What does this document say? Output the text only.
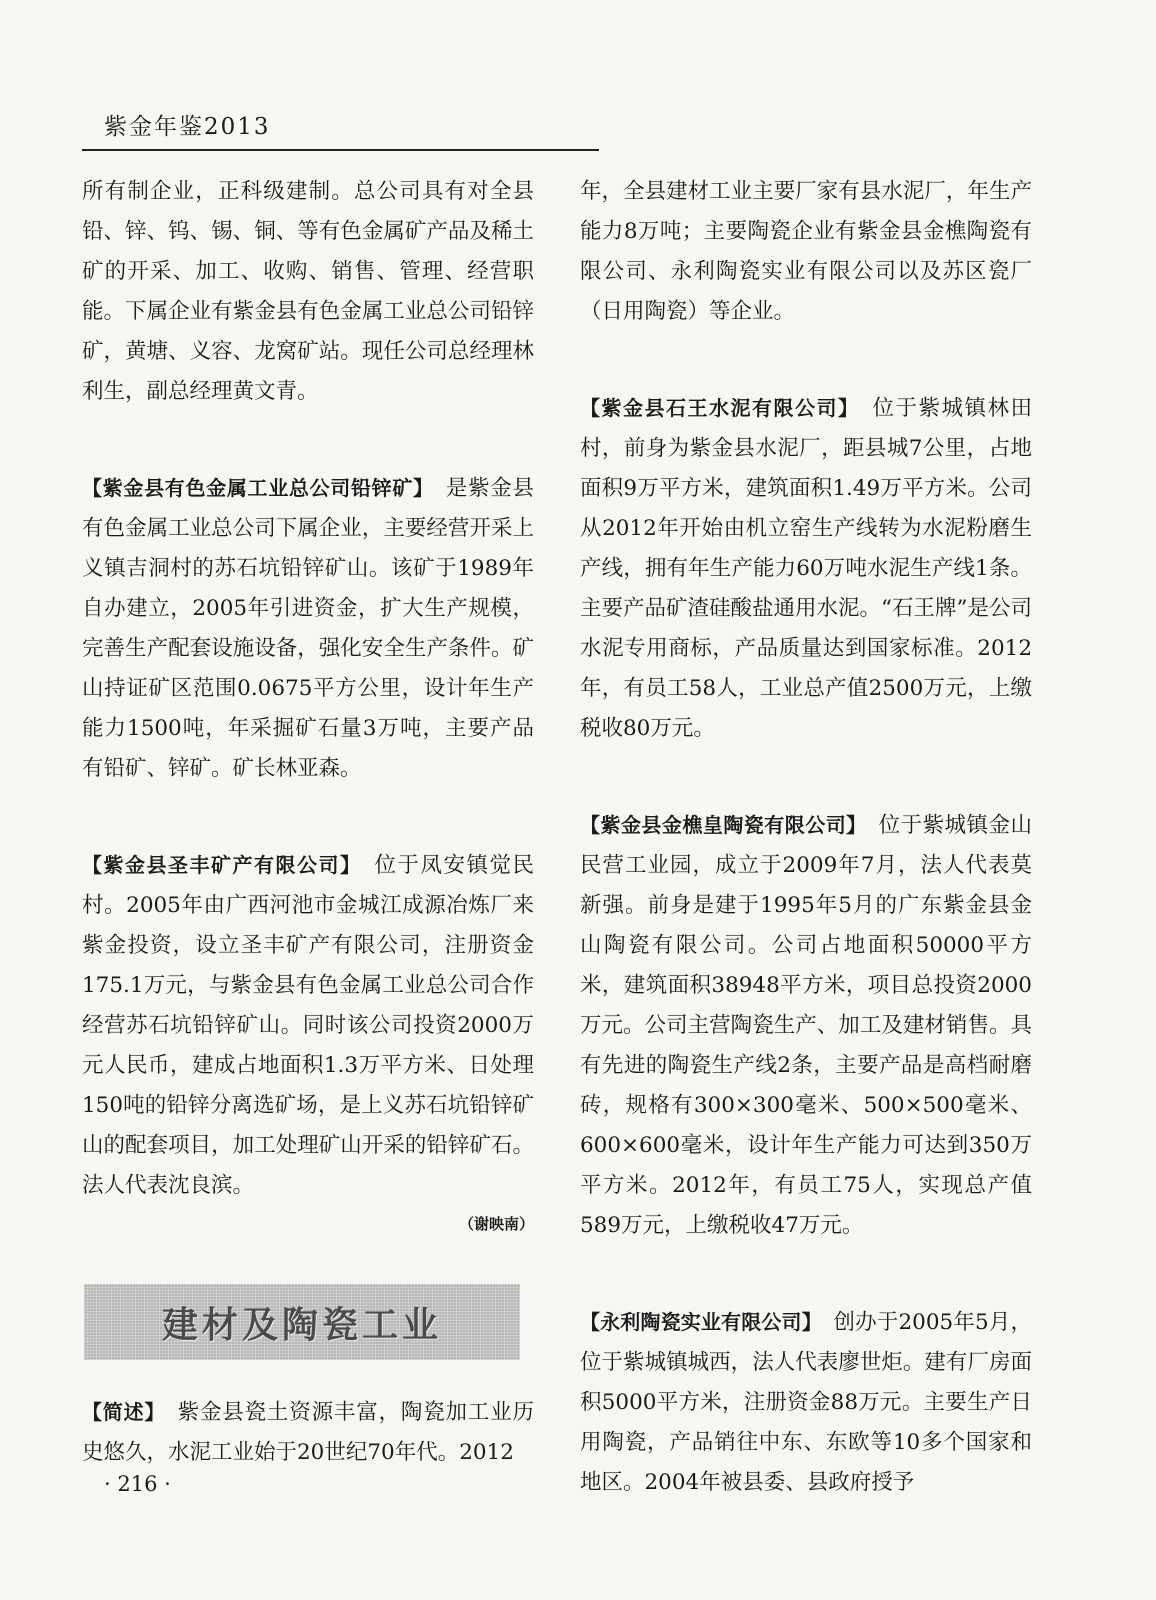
紫金年鉴2013

所有制企业，正科级建制。总公司具有对全县铅、锌、钨、锡、铜、等有色金属矿产品及稀土矿的开采、加工、收购、销售、管理、经营职能。下属企业有紫金县有色金属工业总公司铅锌矿，黄塘、义容、龙窝矿站。现任公司总经理林利生，副总经理黄文青。

【紫金县有色金属工业总公司铅锌矿】　是紫金县有色金属工业总公司下属企业，主要经营开采上义镇吉洞村的苏石坑铅锌矿山。该矿于1989年自办建立，2005年引进资金，扩大生产规模，完善生产配套设施设备，强化安全生产条件。矿山持证矿区范围0.0675平方公里，设计年生产能力1500吨，年采掘矿石量3万吨，主要产品有铅矿、锌矿。矿长林亚森。

【紫金县圣丰矿产有限公司】　位于凤安镇觉民村。2005年由广西河池市金城江成源冶炼厂来紫金投资，设立圣丰矿产有限公司，注册资金175.1万元，与紫金县有色金属工业总公司合作经营苏石坑铅锌矿山。同时该公司投资2000万元人民币，建成占地面积1.3万平方米、日处理150吨的铅锌分离选矿场，是上义苏石坑铅锌矿山的配套项目，加工处理矿山开采的铅锌矿石。法人代表沈良滨。

（谢映南）
建材及陶瓷工业

【简述】　紫金县瓷土资源丰富，陶瓷加工业历史悠久，水泥工业始于20世纪70年代。2012

· 216 ·

年，全县建材工业主要厂家有县水泥厂，年生产能力8万吨；主要陶瓷企业有紫金县金樵陶瓷有限公司、永利陶瓷实业有限公司以及苏区瓷厂（日用陶瓷）等企业。

【紫金县石王水泥有限公司】　位于紫城镇林田村，前身为紫金县水泥厂，距县城7公里，占地面积9万平方米，建筑面积1.49万平方米。公司从2012年开始由机立窑生产线转为水泥粉磨生产线，拥有年生产能力60万吨水泥生产线1条。主要产品矿渣硅酸盐通用水泥。“石王牌”是公司水泥专用商标，产品质量达到国家标准。2012年，有员工58人，工业总产值2500万元，上缴税收80万元。

【紫金县金樵皇陶瓷有限公司】　位于紫城镇金山民营工业园，成立于2009年7月，法人代表莫新强。前身是建于1995年5月的广东紫金县金山陶瓷有限公司。公司占地面积50000平方米，建筑面积38948平方米，项目总投资2000万元。公司主营陶瓷生产、加工及建材销售。具有先进的陶瓷生产线2条，主要产品是高档耐磨砖，规格有300×300毫米、500×500毫米、600×600毫米，设计年生产能力可达到350万平方米。2012年，有员工75人，实现总产值589万元，上缴税收47万元。

【永利陶瓷实业有限公司】　创办于2005年5月，位于紫城镇城西，法人代表廖世炬。建有厂房面积5000平方米，注册资金88万元。主要生产日用陶瓷，产品销往中东、东欧等10多个国家和地区。2004年被县委、县政府授予
